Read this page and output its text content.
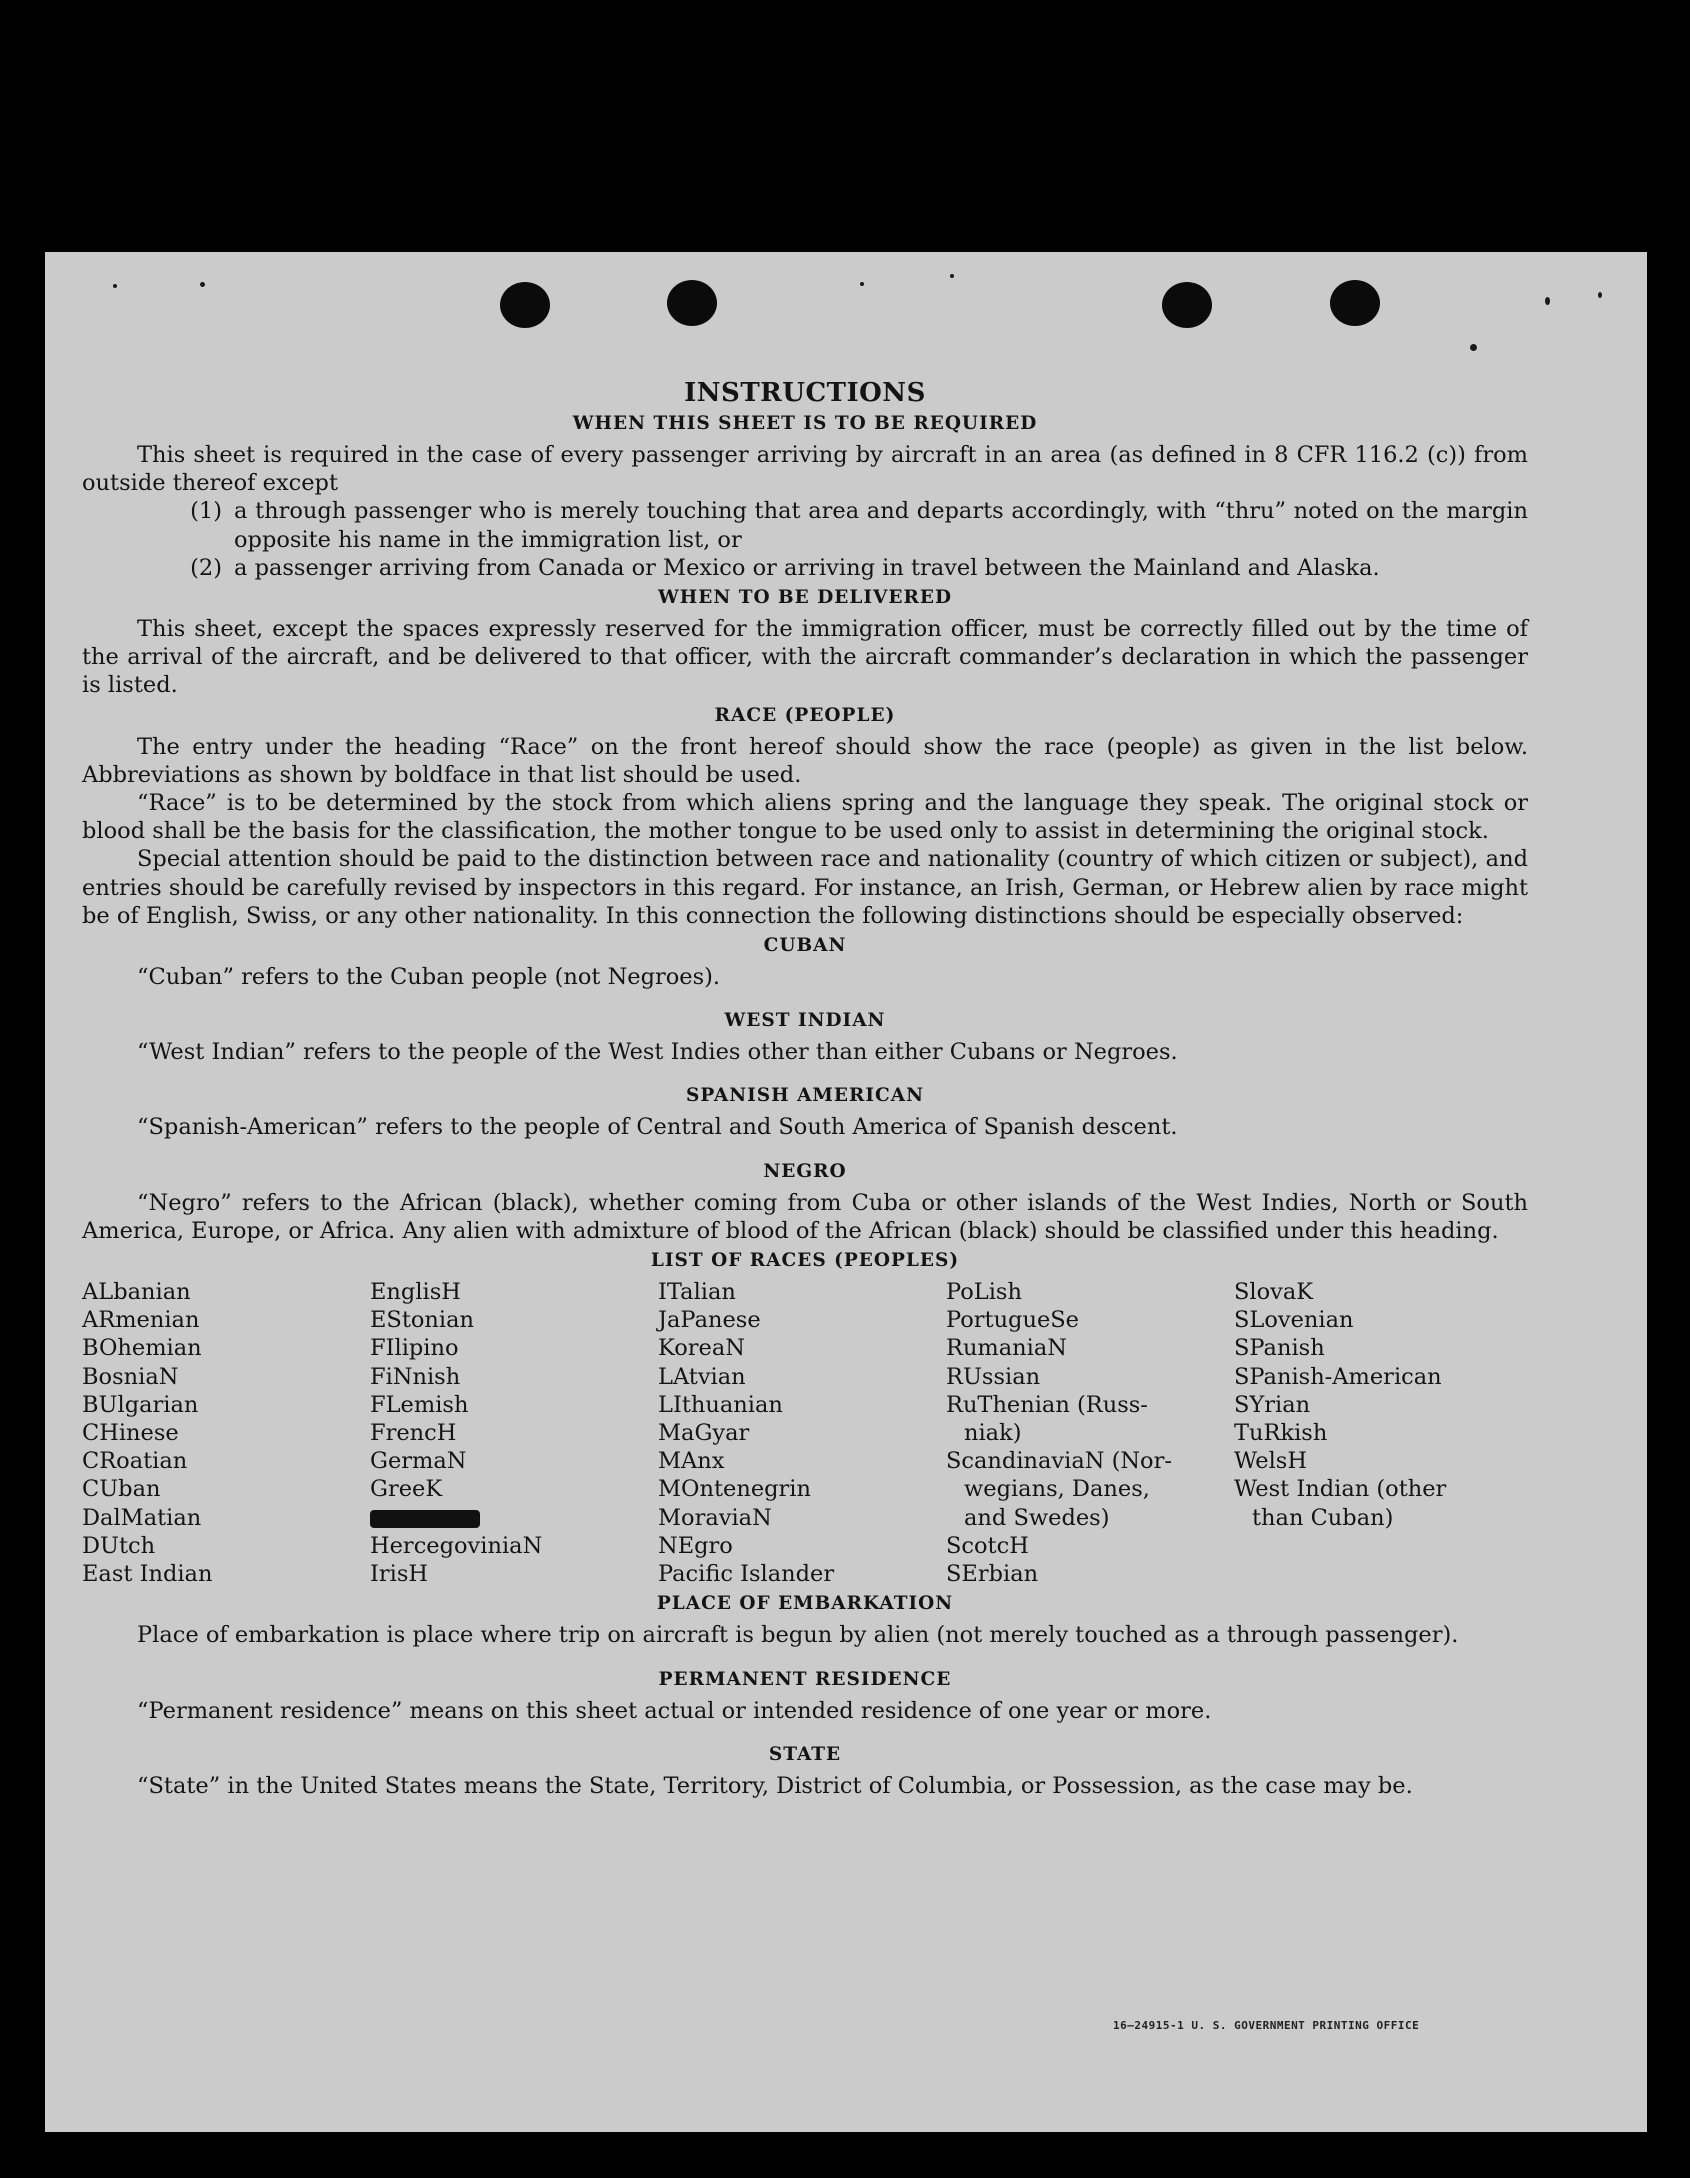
INSTRUCTIONS
WHEN THIS SHEET IS TO BE REQUIRED

This sheet is required in the case of every passenger arriving by aircraft in an area (as defined in 8 CFR 116.2 (c)) from outside thereof except

(1) a through passenger who is merely touching that area and departs accordingly, with “thru” noted on the margin opposite his name in the immigration list, or
(2) a passenger arriving from Canada or Mexico or arriving in travel between the Mainland and Alaska.
WHEN TO BE DELIVERED

This sheet, except the spaces expressly reserved for the immigration officer, must be correctly filled out by the time of the arrival of the aircraft, and be delivered to that officer, with the aircraft commander’s declaration in which the passenger is listed.

RACE (PEOPLE)

The entry under the heading “Race” on the front hereof should show the race (people) as given in the list below. Abbreviations as shown by boldface in that list should be used.

“Race” is to be determined by the stock from which aliens spring and the language they speak. The original stock or blood shall be the basis for the classification, the mother tongue to be used only to assist in determining the original stock.

Special attention should be paid to the distinction between race and nationality (country of which citizen or subject), and entries should be carefully revised by inspectors in this regard. For instance, an Irish, German, or Hebrew alien by race might be of English, Swiss, or any other nationality. In this connection the following distinctions should be especially observed:

CUBAN

“Cuban” refers to the Cuban people (not Negroes).

WEST INDIAN

“West Indian” refers to the people of the West Indies other than either Cubans or Negroes.

SPANISH AMERICAN

“Spanish-American” refers to the people of Central and South America of Spanish descent.

NEGRO

“Negro” refers to the African (black), whether coming from Cuba or other islands of the West Indies, North or South America, Europe, or Africa. Any alien with admixture of blood of the African (black) should be classified under this heading.

LIST OF RACES (PEOPLES)
ALbanian
ARmenian
BOhemian
BosniaN
BUlgarian
CHinese
CRoatian
CUban
DalMatian
DUtch
East Indian
EnglisH
EStonian
FIlipino
FiNnish
FLemish
FrencH
GermaN
GreeK
HercegoviniaN
IrisH
ITalian
JaPanese
KoreaN
LAtvian
LIthuanian
MaGyar
MAnx
MOntenegrin
MoraviaN
NEgro
Pacific Islander
PoLish
PortugueSe
RumaniaN
RUssian
RuThenian (Russ-
niak)
ScandinaviaN (Nor-
wegians, Danes,
and Swedes)
ScotcH
SErbian
SlovaK
SLovenian
SPanish
SPanish-American
SYrian
TuRkish
WelsH
West Indian (other
than Cuban)
PLACE OF EMBARKATION

Place of embarkation is place where trip on aircraft is begun by alien (not merely touched as a through passenger).

PERMANENT RESIDENCE

“Permanent residence” means on this sheet actual or intended residence of one year or more.

STATE

“State” in the United States means the State, Territory, District of Columbia, or Possession, as the case may be.

16—24915-1 U. S. GOVERNMENT PRINTING OFFICE
